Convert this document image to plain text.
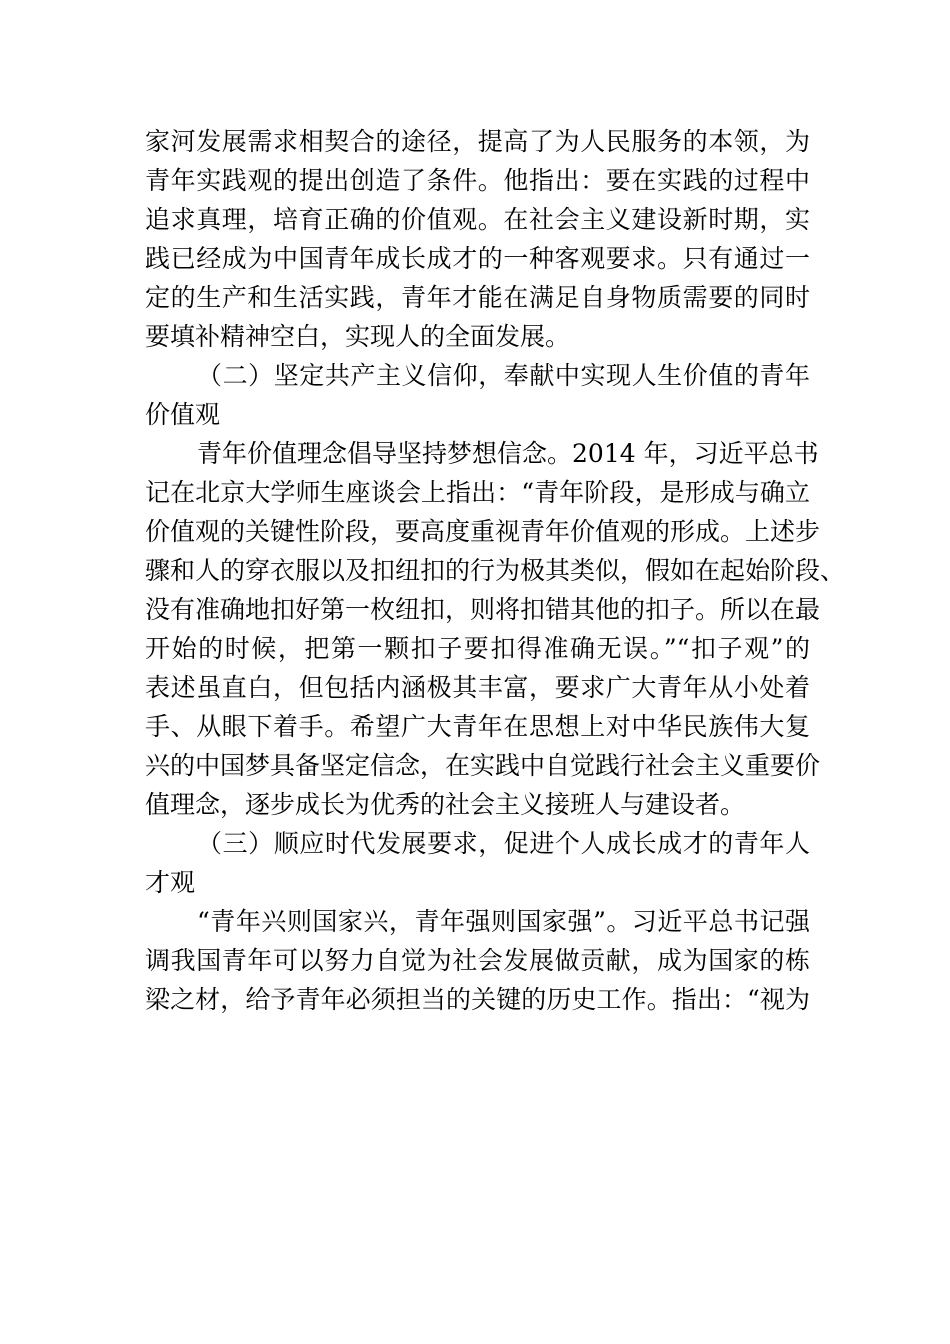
家河发展需求相契合的途径，提高了为人民服务的本领，为
青年实践观的提出创造了条件。他指出：要在实践的过程中
追求真理，培育正确的价值观。在社会主义建设新时期，实
践已经成为中国青年成长成才的一种客观要求。只有通过一
定的生产和生活实践，青年才能在满足自身物质需要的同时
要填补精神空白，实现人的全面发展。
（二）坚定共产主义信仰，奉献中实现人生价值的青年
价值观
青年价值理念倡导坚持梦想信念。2014 年，习近平总书
记在北京大学师生座谈会上指出：“青年阶段，是形成与确立
价值观的关键性阶段，要高度重视青年价值观的形成。上述步
骤和人的穿衣服以及扣纽扣的行为极其类似，假如在起始阶段、
没有准确地扣好第一枚纽扣，则将扣错其他的扣子。所以在最
开始的时候，把第一颗扣子要扣得准确无误。”“扣子观”的
表述虽直白，但包括内涵极其丰富，要求广大青年从小处着
手、从眼下着手。希望广大青年在思想上对中华民族伟大复
兴的中国梦具备坚定信念，在实践中自觉践行社会主义重要价
值理念，逐步成长为优秀的社会主义接班人与建设者。
（三）顺应时代发展要求，促进个人成长成才的青年人
才观
“青年兴则国家兴，青年强则国家强”。习近平总书记强
调我国青年可以努力自觉为社会发展做贡献，成为国家的栋
梁之材，给予青年必须担当的关键的历史工作。指出：“视为
